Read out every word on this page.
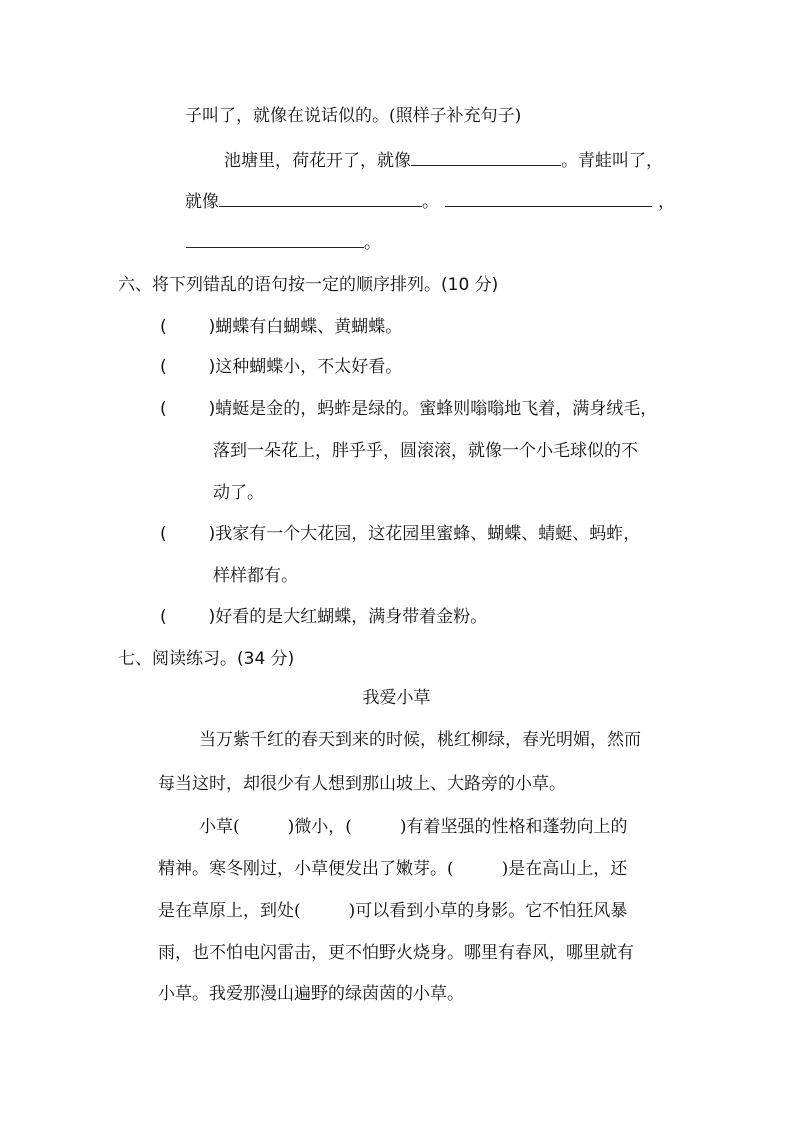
子叫了，就像在说话似的。(照样子补充句子)
池塘里，荷花开了，就像	。青蛙叫了，
就像	。	，
。
六、将下列错乱的语句按一定的顺序排列。(10 分)
( )蝴蝶有白蝴蝶、黄蝴蝶。
( )这种蝴蝶小，不太好看。
( )蜻蜓是金的，蚂蚱是绿的。蜜蜂则嗡嗡地飞着，满身绒毛，
落到一朵花上，胖乎乎，圆滚滚，就像一个小毛球似的不
动了。
( )我家有一个大花园，这花园里蜜蜂、蝴蝶、蜻蜓、蚂蚱，
样样都有。
( )好看的是大红蝴蝶，满身带着金粉。
七、阅读练习。(34 分)
我爱小草
当万紫千红的春天到来的时候，桃红柳绿，春光明媚，然而
每当这时，却很少有人想到那山坡上、大路旁的小草。
小草(	)微小，(	)有着坚强的性格和蓬勃向上的
精神。寒冬刚过，小草便发出了嫩芽。(	)是在高山上，还
是在草原上，到处(	)可以看到小草的身影。它不怕狂风暴
雨，也不怕电闪雷击，更不怕野火烧身。哪里有春风，哪里就有
小草。我爱那漫山遍野的绿茵茵的小草。
